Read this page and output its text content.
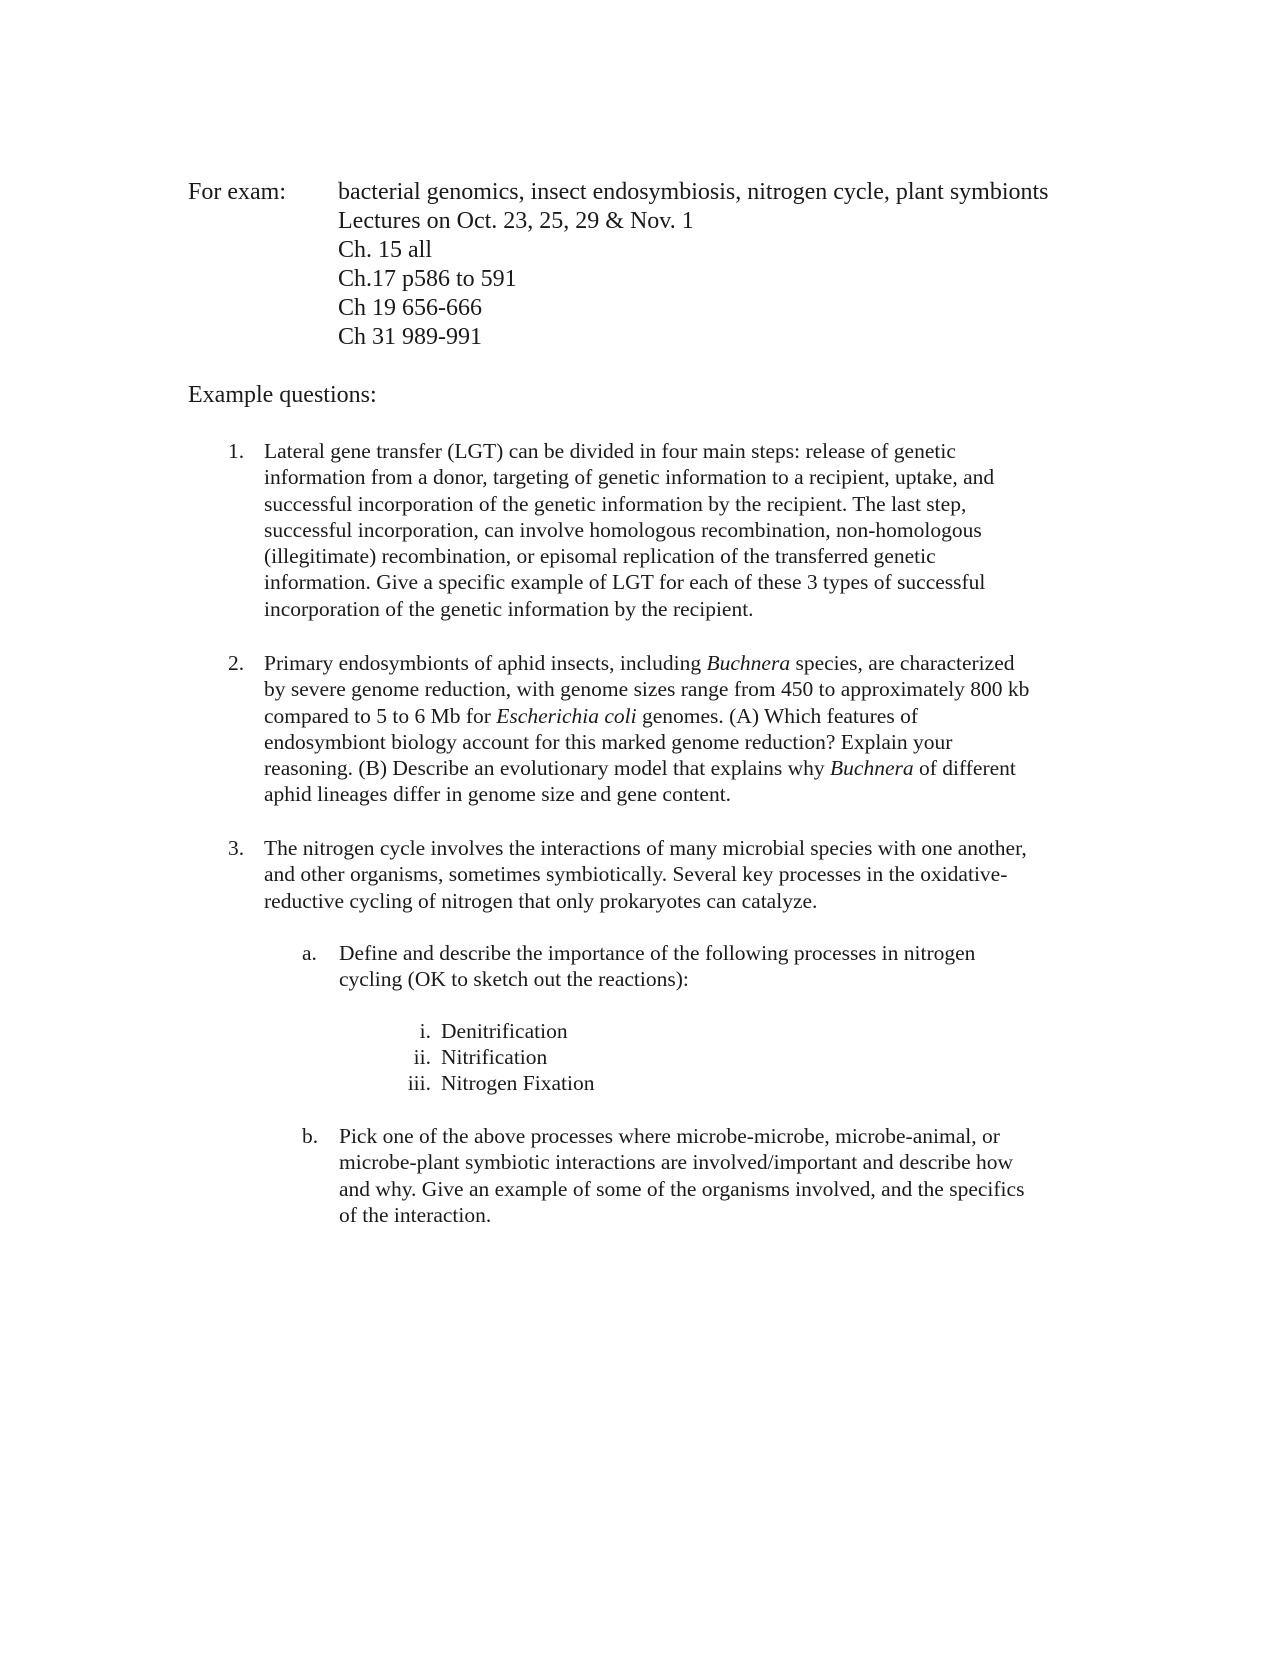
For exam: bacterial genomics, insect endosymbiosis, nitrogen cycle, plant symbionts
Lectures on Oct. 23, 25, 29 & Nov. 1
Ch. 15 all
Ch.17 p586 to 591
Ch 19 656-666
Ch 31 989-991
Example questions:
1. Lateral gene transfer (LGT) can be divided in four main steps: release of genetic
information from a donor, targeting of genetic information to a recipient, uptake, and
successful incorporation of the genetic information by the recipient. The last step,
successful incorporation, can involve homologous recombination, non-homologous
(illegitimate) recombination, or episomal replication of the transferred genetic
information. Give a specific example of LGT for each of these 3 types of successful
incorporation of the genetic information by the recipient.
2. Primary endosymbionts of aphid insects, including Buchnera species, are characterized
by severe genome reduction, with genome sizes range from 450 to approximately 800 kb
compared to 5 to 6 Mb for Escherichia coli genomes. (A) Which features of
endosymbiont biology account for this marked genome reduction? Explain your
reasoning. (B) Describe an evolutionary model that explains why Buchnera of different
aphid lineages differ in genome size and gene content.
3. The nitrogen cycle involves the interactions of many microbial species with one another,
and other organisms, sometimes symbiotically. Several key processes in the oxidative-
reductive cycling of nitrogen that only prokaryotes can catalyze.
a. Define and describe the importance of the following processes in nitrogen
cycling (OK to sketch out the reactions):
i. Denitrification
ii. Nitrification
iii. Nitrogen Fixation
b. Pick one of the above processes where microbe-microbe, microbe-animal, or
microbe-plant symbiotic interactions are involved/important and describe how
and why. Give an example of some of the organisms involved, and the specifics
of the interaction.
